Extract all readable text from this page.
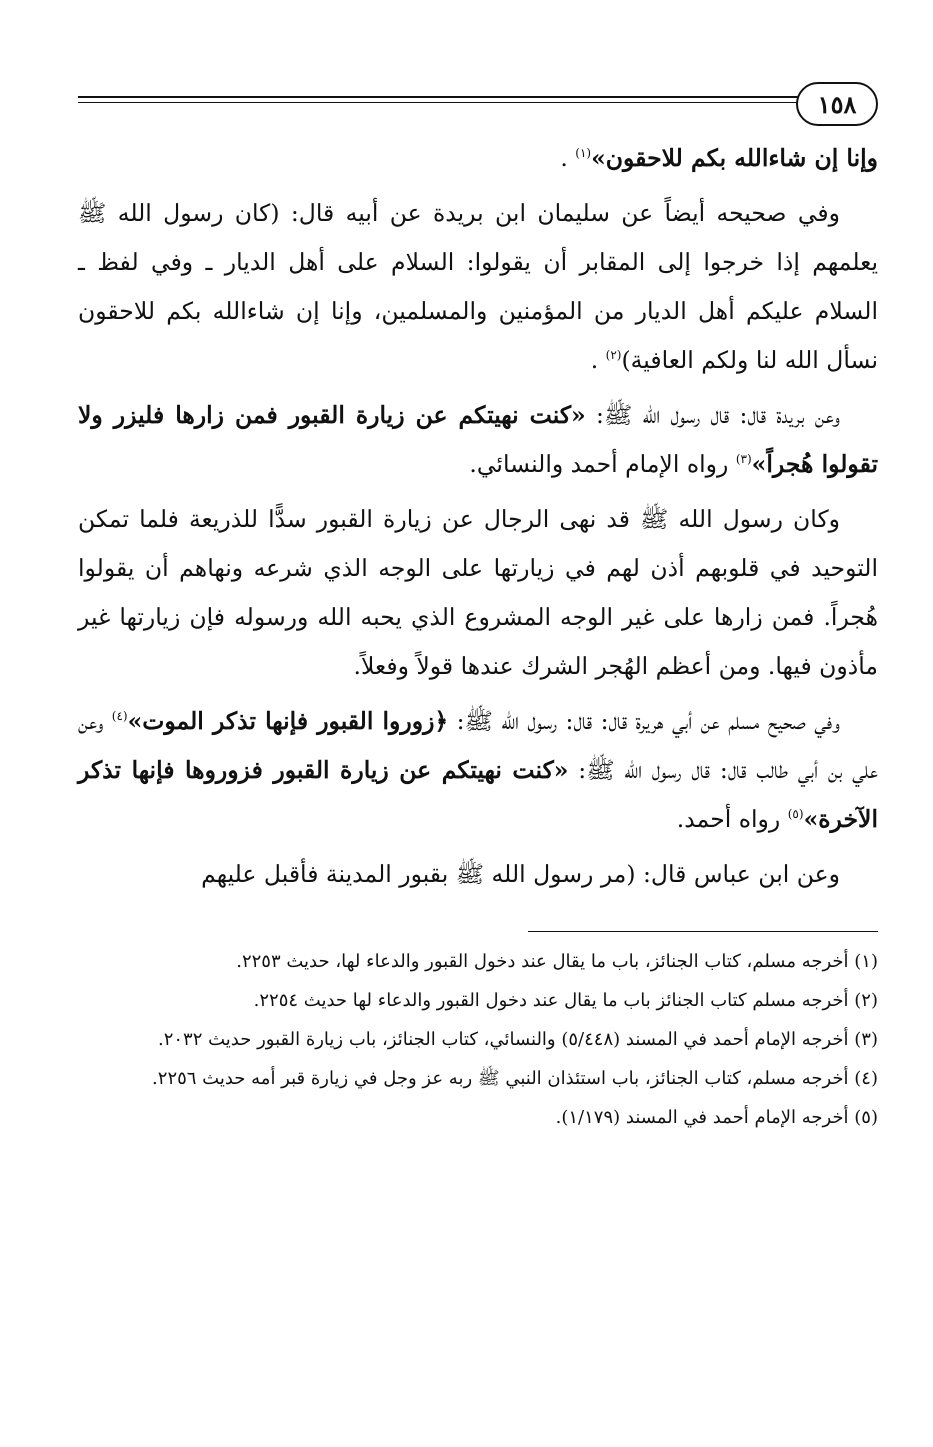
١٥٨

وإنا إن شاءالله بكم للاحقون»$^{(١)}$ .

وفي صحيحه أيضاً عن سليمان ابن بريدة عن أبيه قال: (كان رسول الله ﷺ يعلمهم إذا خرجوا إلى المقابر أن يقولوا: السلام على أهل الديار ـ وفي لفظ ـ السلام عليكم أهل الديار من المؤمنين والمسلمين، وإنا إن شاءالله بكم للاحقون نسأل الله لنا ولكم العافية)$^{(٢)}$ .

وعن بريدة قال: قال رسول الله ﷺ: «كنت نهيتكم عن زيارة القبور فمن زارها فليزر ولا تقولوا هُجراً»$^{(٣)}$ رواه الإمام أحمد والنسائي.

وكان رسول الله ﷺ قد نهى الرجال عن زيارة القبور سدًّا للذريعة فلما تمكن التوحيد في قلوبهم أذن لهم في زيارتها على الوجه الذي شرعه ونهاهم أن يقولوا هُجراً. فمن زارها على غير الوجه المشروع الذي يحبه الله ورسوله فإن زيارتها غير مأذون فيها. ومن أعظم الهُجر الشرك عندها قولاً وفعلاً.

وفي صحيح مسلم عن أبي هريرة قال: قال: رسول الله ﷺ: ﴿زوروا القبور فإنها تذكر الموت»$^{(٤)}$ وعن علي بن أبي طالب قال: قال رسول الله ﷺ: «كنت نهيتكم عن زيارة القبور فزوروها فإنها تذكر الآخرة»$^{(٥)}$ رواه أحمد.

وعن ابن عباس قال: (مر رسول الله ﷺ بقبور المدينة فأقبل عليهم

(١) أخرجه مسلم، كتاب الجنائز، باب ما يقال عند دخول القبور والدعاء لها، حديث ٢٢٥٣.
(٢) أخرجه مسلم كتاب الجنائز باب ما يقال عند دخول القبور والدعاء لها حديث ٢٢٥٤.
(٣) أخرجه الإمام أحمد في المسند (٥/٤٤٨) والنسائي، كتاب الجنائز، باب زيارة القبور حديث ٢٠٣٢.
(٤) أخرجه مسلم، كتاب الجنائز، باب استئذان النبي ﷺ ربه عز وجل في زيارة قبر أمه حديث ٢٢٥٦.
(٥) أخرجه الإمام أحمد في المسند (١/١٧٩).
